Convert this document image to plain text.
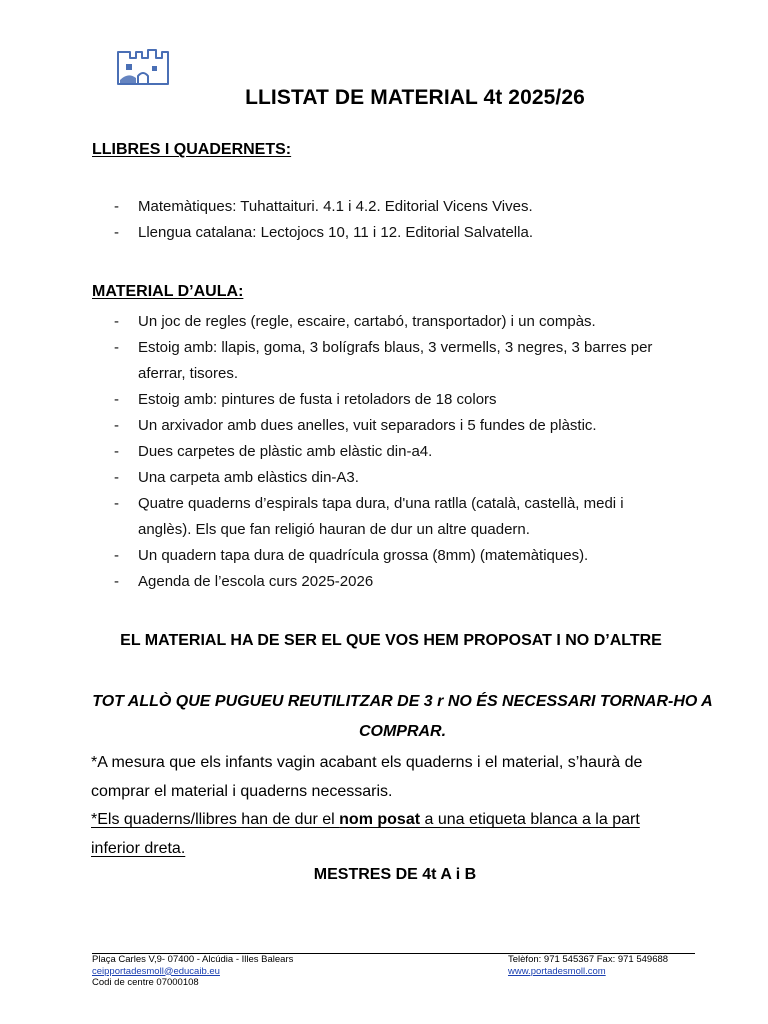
LLISTAT DE MATERIAL 4t 2025/26
LLIBRES I QUADERNETS:
- Matemàtiques: Tuhattaituri. 4.1 i 4.2. Editorial Vicens Vives.
- Llengua catalana: Lectojocs 10, 11 i 12. Editorial Salvatella.
MATERIAL D’AULA:
- Un joc de regles (regle, escaire, cartabó, transportador) i un compàs.
- Estoig amb: llapis, goma, 3 bolígrafs blaus, 3 vermells, 3 negres, 3 barres per aferrar, tisores.
- Estoig amb: pintures de fusta i retoladors de 18 colors
- Un arxivador amb dues anelles, vuit separadors i 5 fundes de plàstic.
- Dues carpetes de plàstic amb elàstic din-a4.
- Una carpeta amb elàstics din-A3.
- Quatre quaderns d’espirals tapa dura, d'una ratlla (català, castellà, medi i anglès). Els que fan religió hauran de dur un altre quadern.
- Un quadern tapa dura de quadrícula grossa (8mm) (matemàtiques).
- Agenda de l’escola curs 2025-2026
EL MATERIAL HA DE SER EL QUE VOS HEM PROPOSAT I NO D’ALTRE
TOT ALLÒ QUE PUGUEU REUTILITZAR DE 3 r NO ÉS NECESSARI TORNAR-HO A COMPRAR.
*A mesura que els infants vagin acabant els quaderns i el material, s’haurà de comprar el material i quaderns necessaris.
*Els quaderns/llibres han de dur el nom posat a una etiqueta blanca a la part inferior dreta.
MESTRES DE 4t A i B
Plaça Carles V,9- 07400 - Alcúdia - Illes Balears
ceipportadesmoll@educaib.eu
Codi de centre 07000108
Telèfon: 971 545367 Fax: 971 549688
www.portadesmoll.com
